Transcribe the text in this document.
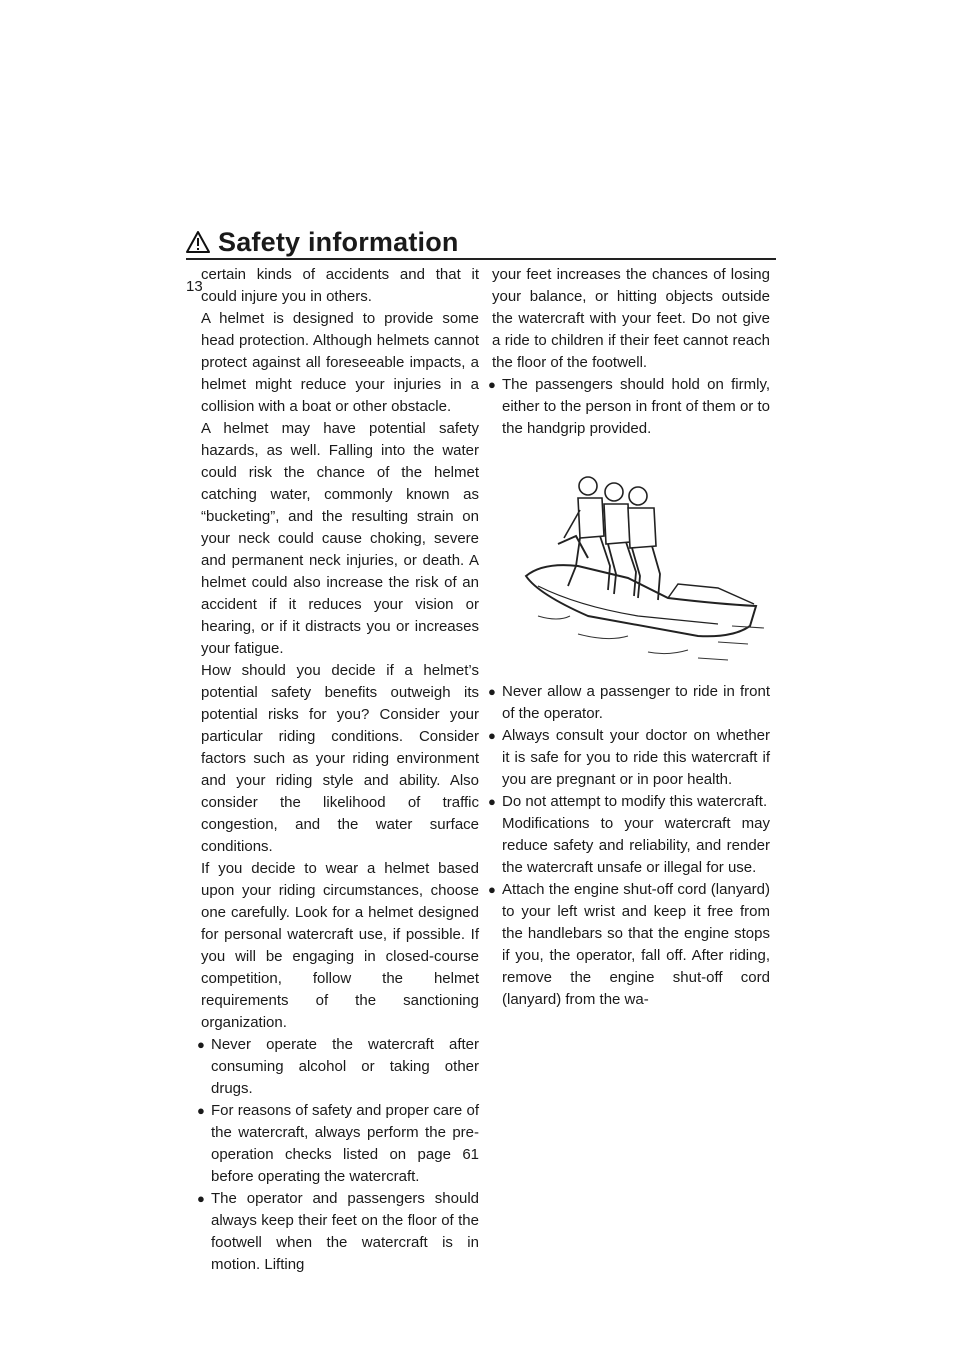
Safety information
13

certain kinds of accidents and that it could injure you in others.

A helmet is designed to provide some head protection. Although helmets cannot protect against all foreseeable impacts, a helmet might reduce your injuries in a collision with a boat or other obstacle.

A helmet may have potential safety hazards, as well. Falling into the water could risk the chance of the helmet catching water, commonly known as “bucketing”, and the resulting strain on your neck could cause choking, severe and permanent neck injuries, or death. A helmet could also increase the risk of an accident if it reduces your vision or hearing, or if it distracts you or increases your fatigue.

How should you decide if a helmet’s potential safety benefits outweigh its potential risks for you? Consider your particular riding conditions. Consider factors such as your riding environment and your riding style and ability. Also consider the likelihood of traffic congestion, and the water surface conditions.

If you decide to wear a helmet based upon your riding circumstances, choose one carefully. Look for a helmet designed for personal watercraft use, if possible. If you will be engaging in closed-course competition, follow the helmet requirements of the sanctioning organization.

● Never operate the watercraft after consuming alcohol or taking other drugs.

● For reasons of safety and proper care of the watercraft, always perform the pre-operation checks listed on page 61 before operating the watercraft.

● The operator and passengers should always keep their feet on the floor of the footwell when the watercraft is in motion. Lifting

your feet increases the chances of losing your balance, or hitting objects outside the watercraft with your feet. Do not give a ride to children if their feet cannot reach the floor of the footwell.

● The passengers should hold on firmly, either to the person in front of them or to the handgrip provided.

● Never allow a passenger to ride in front of the operator.

● Always consult your doctor on whether it is safe for you to ride this watercraft if you are pregnant or in poor health.

● Do not attempt to modify this watercraft.

Modifications to your watercraft may reduce safety and reliability, and render the watercraft unsafe or illegal for use.

● Attach the engine shut-off cord (lanyard) to your left wrist and keep it free from the handlebars so that the engine stops if you, the operator, fall off. After riding, remove the engine shut-off cord (lanyard) from the wa-
